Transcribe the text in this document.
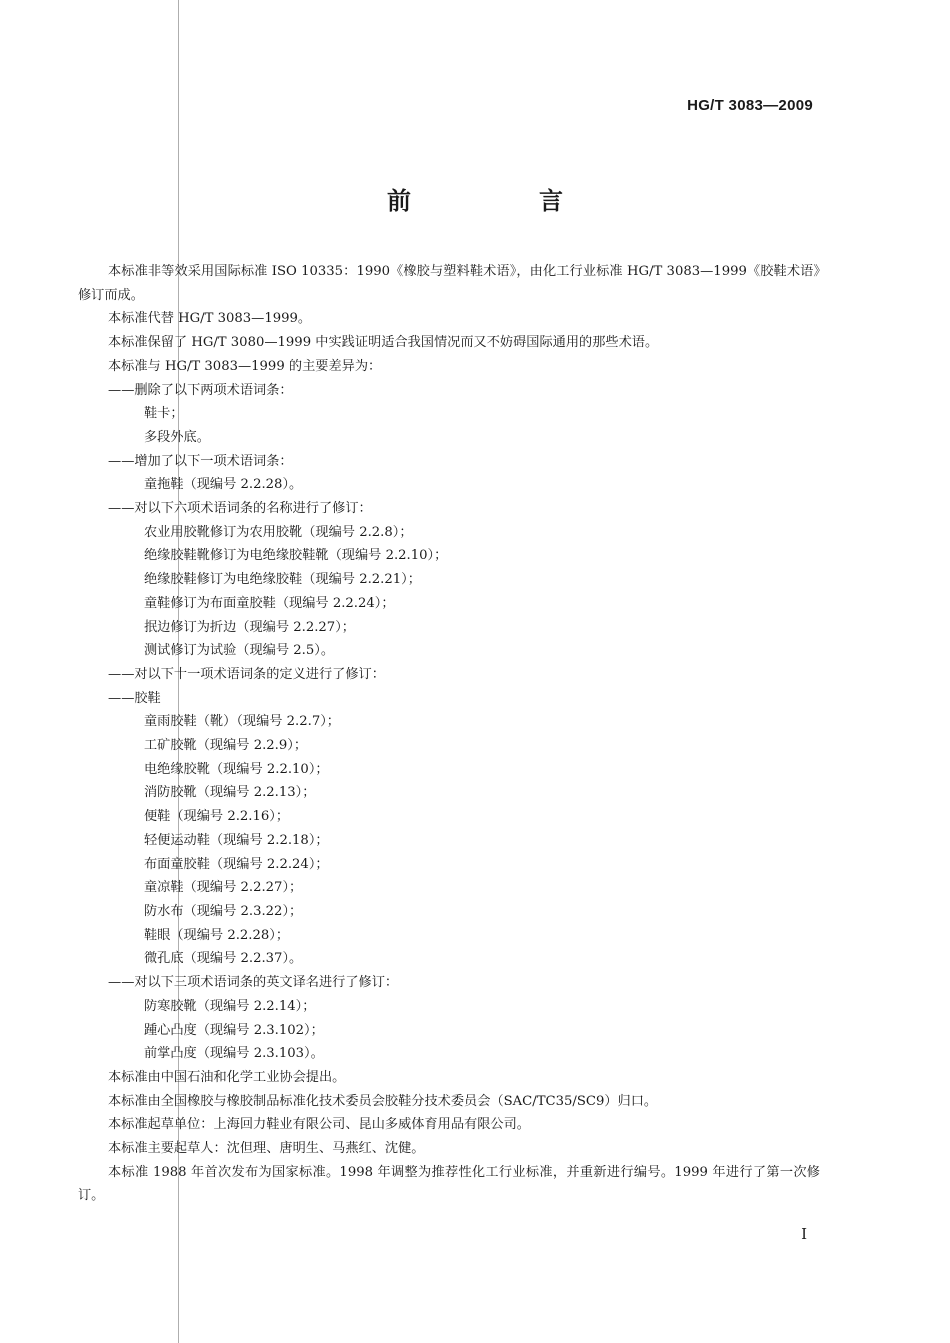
HG/T 3083—2009
前　言
本标准非等效采用国际标准 ISO 10335：1990《橡胶与塑料鞋术语》，由化工行业标准 HG/T 3083—1999《胶鞋术语》修订而成。
本标准代替 HG/T 3083—1999。
本标准保留了 HG/T 3080—1999 中实践证明适合我国情况而又不妨碍国际通用的那些术语。
本标准与 HG/T 3083—1999 的主要差异为：
——删除了以下两项术语词条：
鞋卡；
多段外底。
——增加了以下一项术语词条：
童拖鞋（现编号 2.2.28）。
——对以下六项术语词条的名称进行了修订：
农业用胶靴修订为农用胶靴（现编号 2.2.8）；
绝缘胶鞋靴修订为电绝缘胶鞋靴（现编号 2.2.10）；
绝缘胶鞋修订为电绝缘胶鞋（现编号 2.2.21）；
童鞋修订为布面童胶鞋（现编号 2.2.24）；
抿边修订为折边（现编号 2.2.27）；
测试修订为试验（现编号 2.5）。
——对以下十一项术语词条的定义进行了修订：
——胶鞋
童雨胶鞋（靴）（现编号 2.2.7）；
工矿胶靴（现编号 2.2.9）；
电绝缘胶靴（现编号 2.2.10）；
消防胶靴（现编号 2.2.13）；
便鞋（现编号 2.2.16）；
轻便运动鞋（现编号 2.2.18）；
布面童胶鞋（现编号 2.2.24）；
童凉鞋（现编号 2.2.27）；
防水布（现编号 2.3.22）；
鞋眼（现编号 2.2.28）；
微孔底（现编号 2.2.37）。
——对以下三项术语词条的英文译名进行了修订：
防寒胶靴（现编号 2.2.14）；
踵心凸度（现编号 2.3.102）；
前掌凸度（现编号 2.3.103）。
本标准由中国石油和化学工业协会提出。
本标准由全国橡胶与橡胶制品标准化技术委员会胶鞋分技术委员会（SAC/TC35/SC9）归口。
本标准起草单位：上海回力鞋业有限公司、昆山多威体育用品有限公司。
本标准主要起草人：沈但理、唐明生、马燕红、沈健。
本标准 1988 年首次发布为国家标准。1998 年调整为推荐性化工行业标准，并重新进行编号。1999 年进行了第一次修订。
I
